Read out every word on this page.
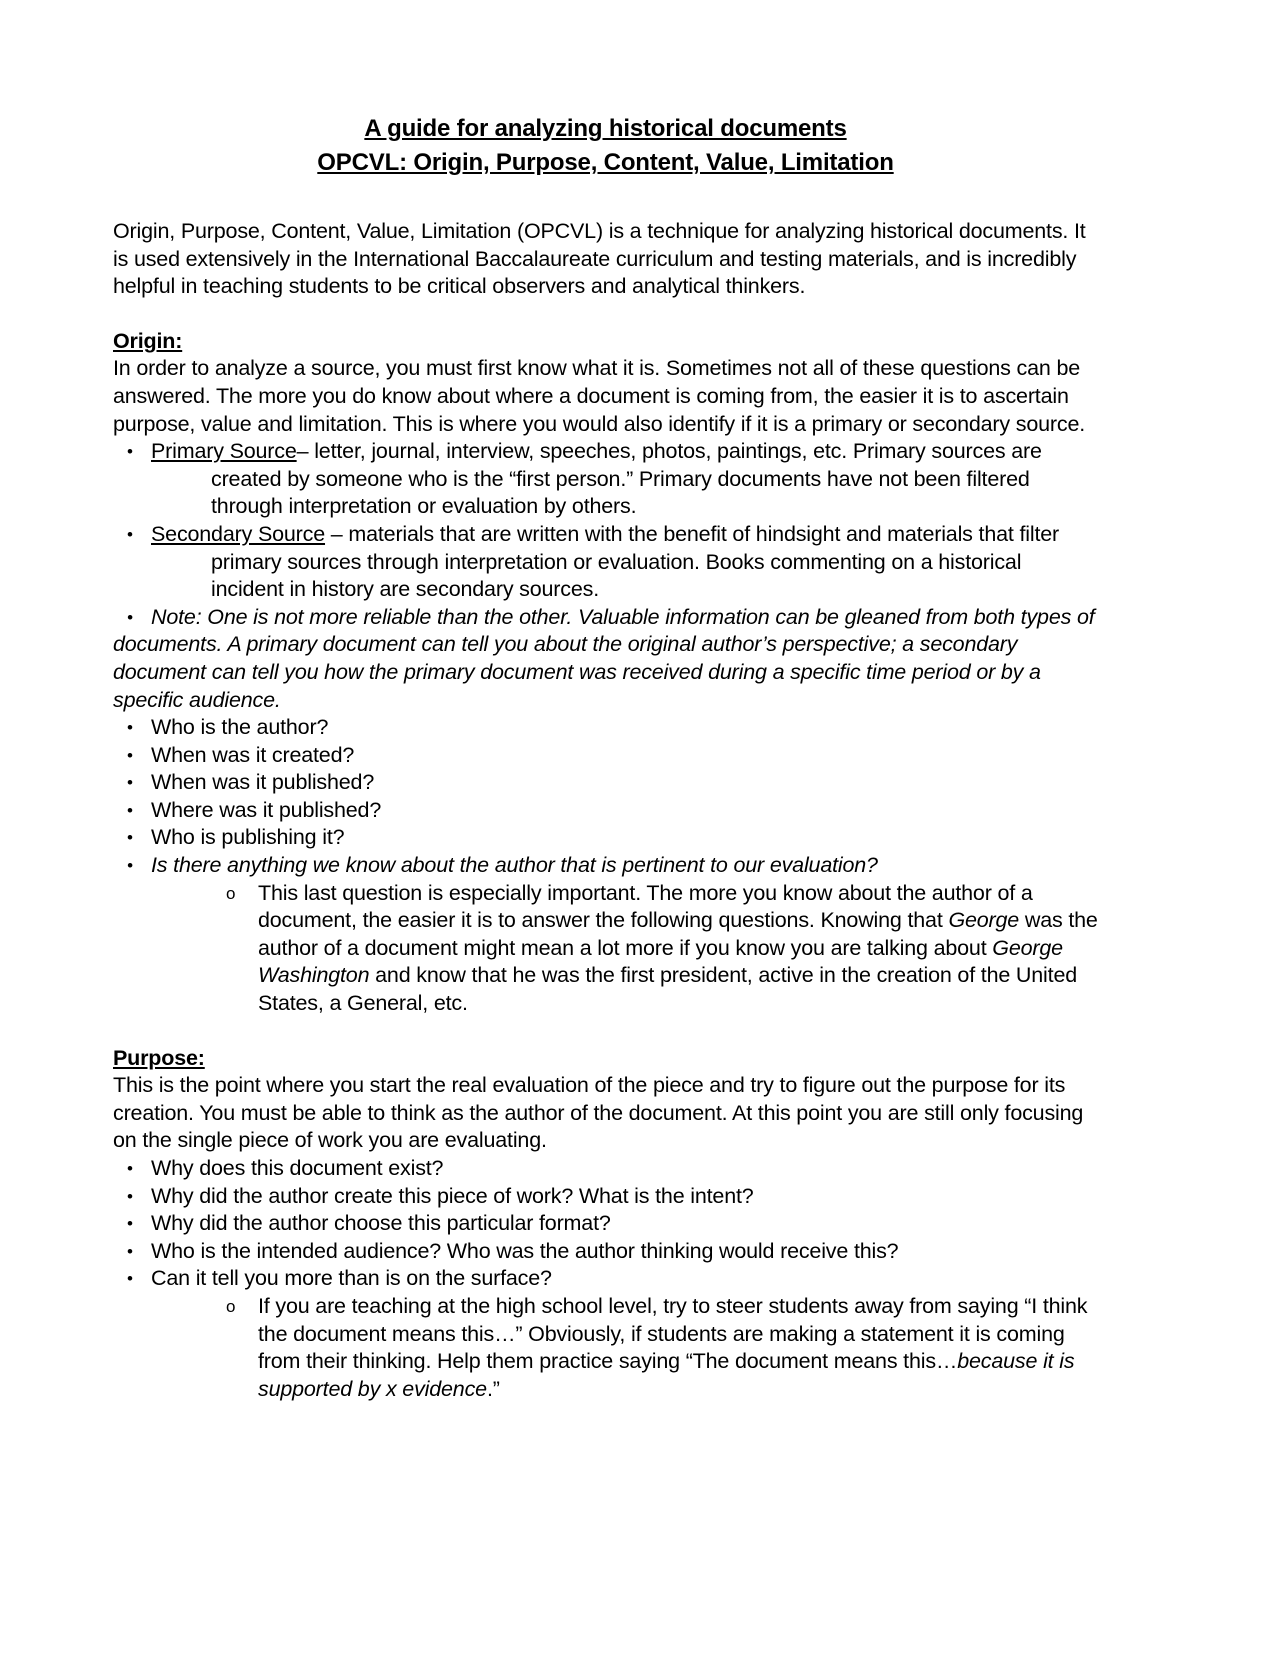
A guide for analyzing historical documents
OPCVL: Origin, Purpose, Content, Value, Limitation

Origin, Purpose, Content, Value, Limitation (OPCVL) is a technique for analyzing historical documents. It is used extensively in the International Baccalaureate curriculum and testing materials, and is incredibly helpful in teaching students to be critical observers and analytical thinkers.

Origin:

In order to analyze a source, you must first know what it is. Sometimes not all of these questions can be answered. The more you do know about where a document is coming from, the easier it is to ascertain purpose, value and limitation. This is where you would also identify if it is a primary or secondary source.

• Primary Source– letter, journal, interview, speeches, photos, paintings, etc. Primary sources are created by someone who is the “first person.” Primary documents have not been filtered through interpretation or evaluation by others.
• Secondary Source – materials that are written with the benefit of hindsight and materials that filter primary sources through interpretation or evaluation. Books commenting on a historical incident in history are secondary sources.
• Note: One is not more reliable than the other. Valuable information can be gleaned from both types of documents. A primary document can tell you about the original author’s perspective; a secondary document can tell you how the primary document was received during a specific time period or by a specific audience.
• Who is the author?
• When was it created?
• When was it published?
• Where was it published?
• Who is publishing it?
• Is there anything we know about the author that is pertinent to our evaluation?
o This last question is especially important. The more you know about the author of a document, the easier it is to answer the following questions. Knowing that George was the author of a document might mean a lot more if you know you are talking about George Washington and know that he was the first president, active in the creation of the United States, a General, etc.
Purpose:

This is the point where you start the real evaluation of the piece and try to figure out the purpose for its creation. You must be able to think as the author of the document. At this point you are still only focusing on the single piece of work you are evaluating.

• Why does this document exist?
• Why did the author create this piece of work? What is the intent?
• Why did the author choose this particular format?
• Who is the intended audience? Who was the author thinking would receive this?
• Can it tell you more than is on the surface?
o If you are teaching at the high school level, try to steer students away from saying “I think the document means this…” Obviously, if students are making a statement it is coming from their thinking. Help them practice saying “The document means this…because it is supported by x evidence.”
